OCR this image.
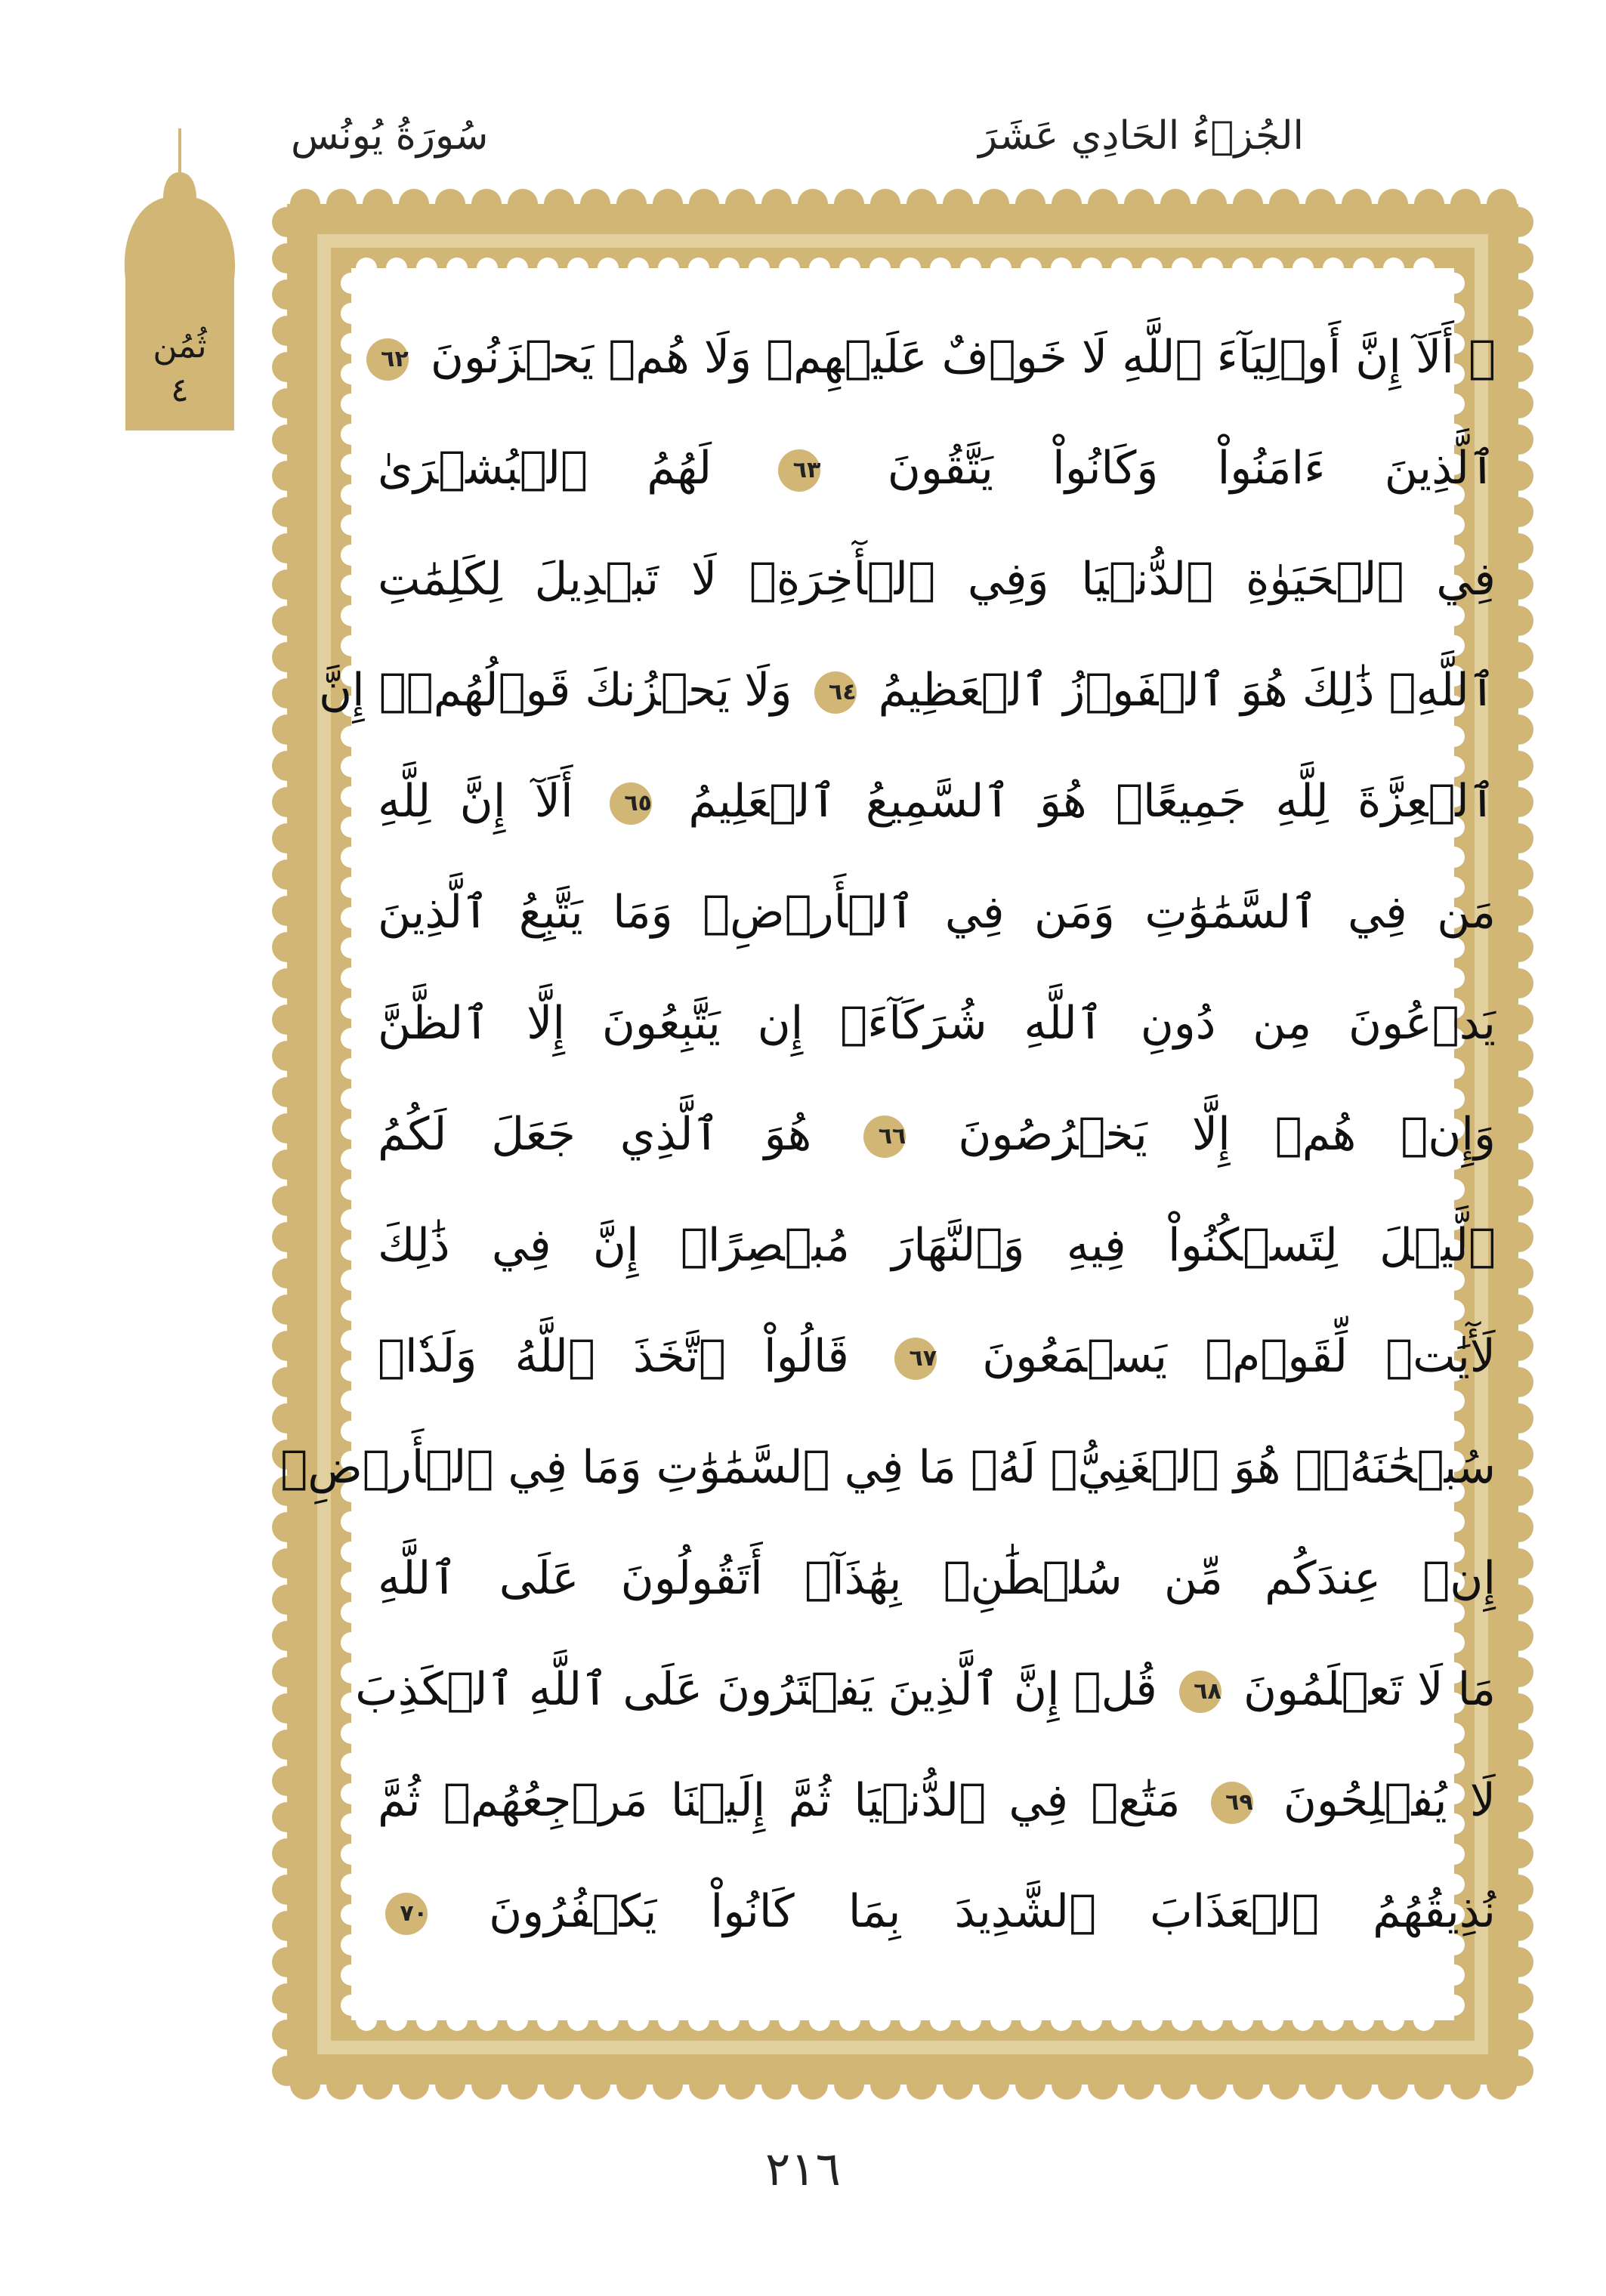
الجُزۡءُ الحَادِي عَشَرَ
سُورَةُ يُونُس
ثُمُن
٤
۞ أَلَآ إِنَّ أَوۡلِيَآءَ ٱللَّهِ لَا خَوۡفٌ عَلَيۡهِمۡ وَلَا هُمۡ يَحۡزَنُونَ ٦٢
ٱلَّذِينَ ءَامَنُواْ وَكَانُواْ يَتَّقُونَ ٦٣ لَهُمُ ٱلۡبُشۡرَىٰ
فِي ٱلۡحَيَوٰةِ ٱلدُّنۡيَا وَفِي ٱلۡأٓخِرَةِۚ لَا تَبۡدِيلَ لِكَلِمَٰتِ
ٱللَّهِۚ ذَٰلِكَ هُوَ ٱلۡفَوۡزُ ٱلۡعَظِيمُ ٦٤ وَلَا يَحۡزُنكَ قَوۡلُهُمۡۘ إِنَّ
ٱلۡعِزَّةَ لِلَّهِ جَمِيعًاۚ هُوَ ٱلسَّمِيعُ ٱلۡعَلِيمُ ٦٥ أَلَآ إِنَّ لِلَّهِ
مَن فِي ٱلسَّمَٰوَٰتِ وَمَن فِي ٱلۡأَرۡضِۗ وَمَا يَتَّبِعُ ٱلَّذِينَ
يَدۡعُونَ مِن دُونِ ٱللَّهِ شُرَكَآءَۚ إِن يَتَّبِعُونَ إِلَّا ٱلظَّنَّ
وَإِنۡ هُمۡ إِلَّا يَخۡرُصُونَ ٦٦ هُوَ ٱلَّذِي جَعَلَ لَكُمُ
ٱلَّيۡلَ لِتَسۡكُنُواْ فِيهِ وَٱلنَّهَارَ مُبۡصِرًاۚ إِنَّ فِي ذَٰلِكَ
لَأٓيَٰتٖ لِّقَوۡمٖ يَسۡمَعُونَ ٦٧ قَالُواْ ٱتَّخَذَ ٱللَّهُ وَلَدٗاۗ
سُبۡحَٰنَهُۥۖ هُوَ ٱلۡغَنِيُّۖ لَهُۥ مَا فِي ٱلسَّمَٰوَٰتِ وَمَا فِي ٱلۡأَرۡضِۚ
إِنۡ عِندَكُم مِّن سُلۡطَٰنِۭ بِهَٰذَآۚ أَتَقُولُونَ عَلَى ٱللَّهِ
مَا لَا تَعۡلَمُونَ ٦٨ قُلۡ إِنَّ ٱلَّذِينَ يَفۡتَرُونَ عَلَى ٱللَّهِ ٱلۡكَذِبَ
لَا يُفۡلِحُونَ ٦٩ مَتَٰعٞ فِي ٱلدُّنۡيَا ثُمَّ إِلَيۡنَا مَرۡجِعُهُمۡ ثُمَّ
نُذِيقُهُمُ ٱلۡعَذَابَ ٱلشَّدِيدَ بِمَا كَانُواْ يَكۡفُرُونَ ٧٠
٢١٦
